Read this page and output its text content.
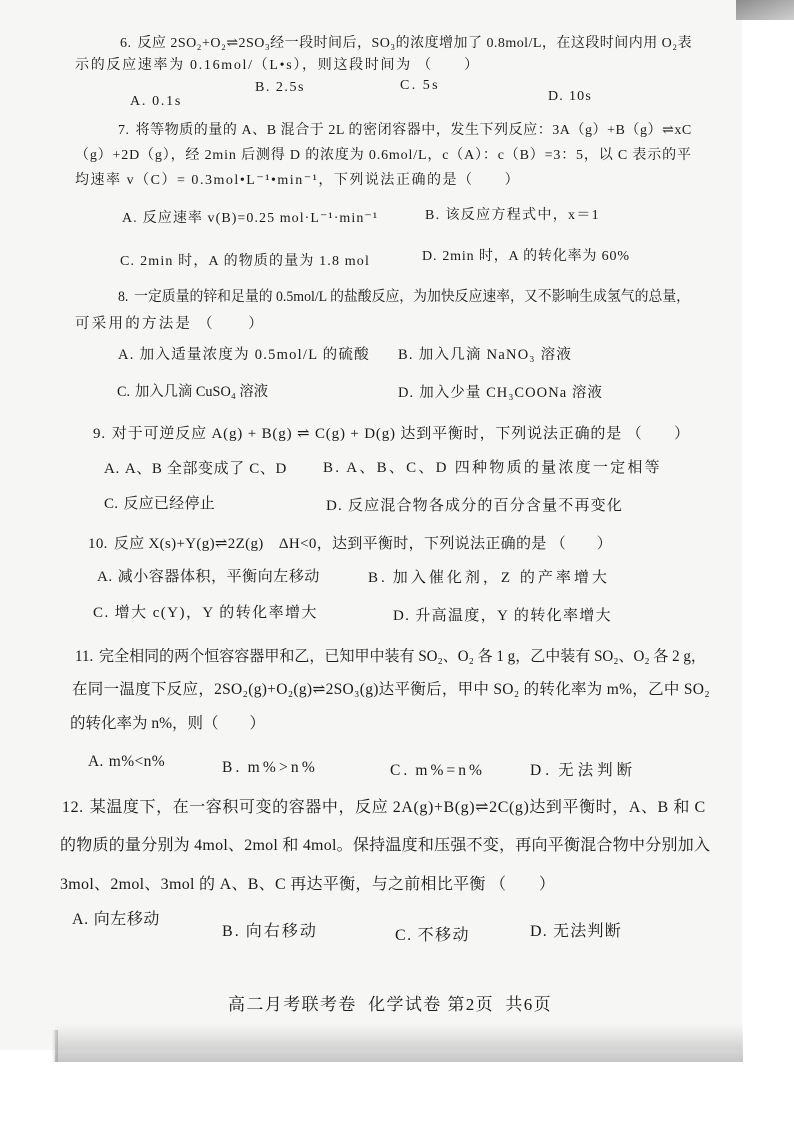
6. 反应 2SO₂+O₂⇌2SO₃经一段时间后，SO₃的浓度增加了 0.8mol/L，在这段时间内用 O₂表
示的反应速率为 0.16mol/（L•s），则这段时间为 （　　）
A. 0.1s
B. 2.5s	C. 5s
D. 10s
7. 将等物质的量的 A、B 混合于 2L 的密闭容器中，发生下列反应：3A（g）+B（g）⇌xC
（g）+2D（g），经 2min 后测得 D 的浓度为 0.6mol/L，c（A）：c（B）=3：5，以 C 表示的平
均速率 v（C）= 0.3mol•L⁻¹•min⁻¹，下列说法正确的是（　　）
A. 反应速率 v(B)=0.25 mol·L⁻¹·min⁻¹	B. 该反应方程式中，x＝1
C. 2min 时，A 的物质的量为 1.8 mol	D. 2min 时，A 的转化率为 60%
8. 一定质量的锌和足量的 0.5mol/L 的盐酸反应，为加快反应速率，又不影响生成氢气的总量，
可采用的方法是 （　　）
A. 加入适量浓度为 0.5mol/L 的硫酸 B. 加入几滴 NaNO₃ 溶液
C. 加入几滴 CuSO₄ 溶液	D. 加入少量 CH₃COONa 溶液
9. 对于可逆反应 A(g) + B(g) ⇌ C(g) + D(g) 达到平衡时，下列说法正确的是 （　　）
A. A、B 全部变成了 C、D B. A、B、C、D 四种物质的量浓度一定相等
C. 反应已经停止	D. 反应混合物各成分的百分含量不再变化
10. 反应 X(s)+Y(g)⇌2Z(g)　ΔH<0，达到平衡时，下列说法正确的是 （　　）
A. 减小容器体积，平衡向左移动	B. 加入催化剂，Z 的产率增大
C. 增大 c(Y)，Y 的转化率增大	D. 升高温度，Y 的转化率增大
11. 完全相同的两个恒容容器甲和乙，已知甲中装有 SO₂、O₂ 各 1 g，乙中装有 SO₂、O₂ 各 2 g，
在同一温度下反应，2SO₂(g)+O₂(g)⇌2SO₃(g)达平衡后，甲中 SO₂ 的转化率为 m%，乙中 SO₂
的转化率为 n%，则（　　）
A. m%<n%	B. m%>n%	C. m%=n%	D. 无法判断
12. 某温度下，在一容积可变的容器中，反应 2A(g)+B(g)⇌2C(g)达到平衡时，A、B 和 C
的物质的量分别为 4mol、2mol 和 4mol。保持温度和压强不变，再向平衡混合物中分别加入
3mol、2mol、3mol 的 A、B、C 再达平衡，与之前相比平衡 （　　）
A. 向左移动
B. 向右移动	C. 不移动	D. 无法判断
高二月考联考卷  化学试卷 第2页  共6页
